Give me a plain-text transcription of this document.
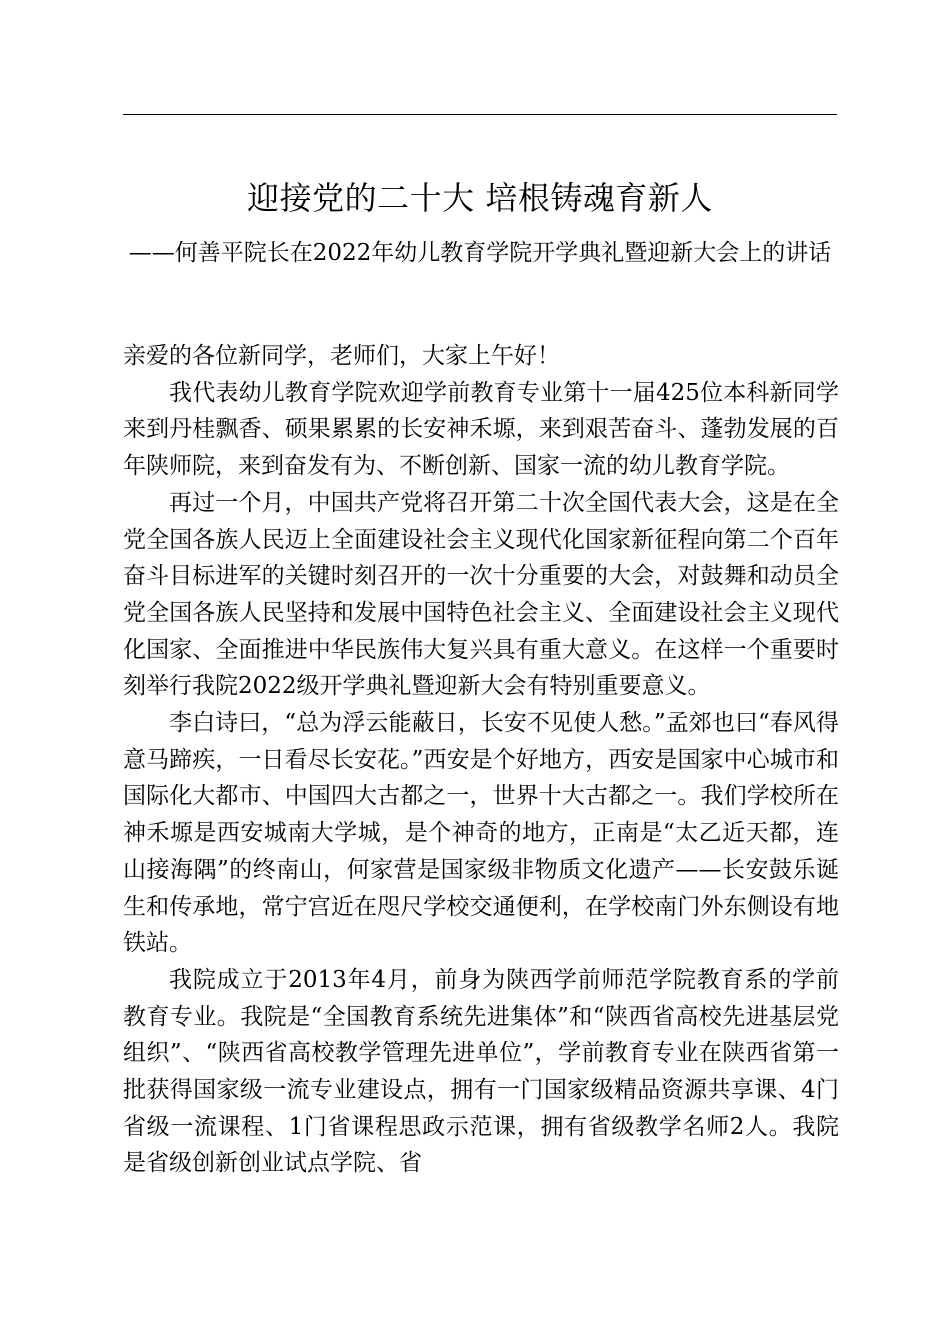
迎接党的二十大 培根铸魂育新人
——何善平院长在2022年幼儿教育学院开学典礼暨迎新大会上的讲话

亲爱的各位新同学，老师们，大家上午好！

我代表幼儿教育学院欢迎学前教育专业第十一届425位本科新同学来到丹桂飘香、硕果累累的长安神禾塬，来到艰苦奋斗、蓬勃发展的百年陕师院，来到奋发有为、不断创新、国家一流的幼儿教育学院。

再过一个月，中国共产党将召开第二十次全国代表大会，这是在全党全国各族人民迈上全面建设社会主义现代化国家新征程向第二个百年奋斗目标进军的关键时刻召开的一次十分重要的大会，对鼓舞和动员全党全国各族人民坚持和发展中国特色社会主义、全面建设社会主义现代化国家、全面推进中华民族伟大复兴具有重大意义。在这样一个重要时刻举行我院2022级开学典礼暨迎新大会有特别重要意义。

李白诗曰，“总为浮云能蔽日，长安不见使人愁。”孟郊也曰“春风得意马蹄疾，一日看尽长安花。”西安是个好地方，西安是国家中心城市和国际化大都市、中国四大古都之一，世界十大古都之一。我们学校所在神禾塬是西安城南大学城，是个神奇的地方，正南是“太乙近天都，连山接海隅”的终南山，何家营是国家级非物质文化遗产——长安鼓乐诞生和传承地，常宁宫近在咫尺学校交通便利，在学校南门外东侧设有地铁站。

我院成立于2013年4月，前身为陕西学前师范学院教育系的学前教育专业。我院是“全国教育系统先进集体”和“陕西省高校先进基层党组织”、“陕西省高校教学管理先进单位”，学前教育专业在陕西省第一批获得国家级一流专业建设点，拥有一门国家级精品资源共享课、4门省级一流课程、1门省课程思政示范课，拥有省级教学名师2人。我院是省级创新创业试点学院、省
